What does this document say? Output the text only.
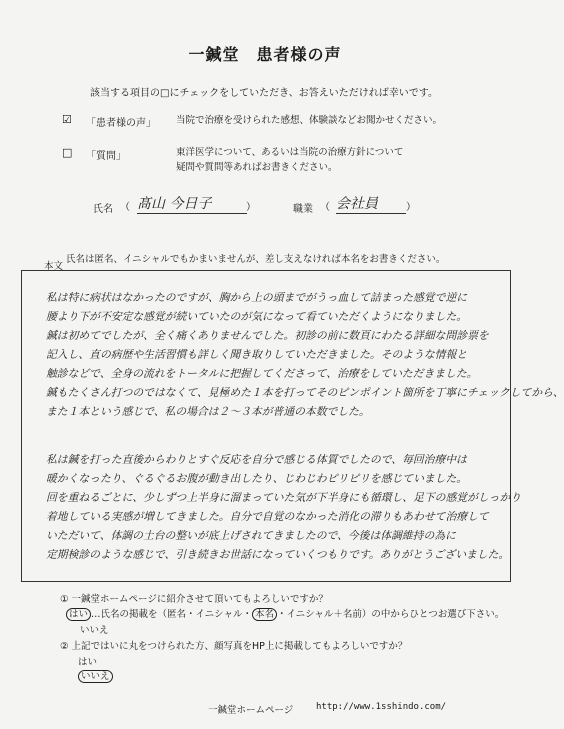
一鍼堂　患者様の声
該当する項目の□にチェックをしていただき、お答えいただければ幸いです。
☑ 「患者様の声」 当院で治療を受けられた感想、体験談などお聞かせください。
□ 「質問」	東洋医学について、あるいは当院の治療方針について
疑問や質問等あればお書きください。
氏名 （ 髙山 今日子	）	職業 （ 会社員	）
氏名は匿名、イニシャルでもかまいませんが、差し支えなければ本名をお書きください。
本文
私は特に病状はなかったのですが、胸から上の頭までがうっ血して詰まった感覚で逆に
腰より下が不安定な感覚が続いていたのが気になって看ていただくようになりました。
鍼は初めてでしたが、全く痛くありませんでした。初診の前に数頁にわたる詳細な問診票を
記入し、直の病歴や生活習慣も詳しく聞き取りしていただきました。そのような情報と
触診などで、全身の流れをトータルに把握してくださって、治療をしていただきました。
鍼もたくさん打つのではなくて、見極めた１本を打ってそのピンポイント箇所を丁寧にチェックしてから、
また１本という感じで、私の場合は２〜３本が普通の本数でした。
私は鍼を打った直後からわりとすぐ反応を自分で感じる体質でしたので、毎回治療中は
暖かくなったり、ぐるぐるお腹が動き出したり、じわじわピリピリを感じていました。
回を重ねるごとに、少しずつ上半身に溜まっていた気が下半身にも循環し、足下の感覚がしっかり
着地している実感が増してきました。自分で自覚のなかった消化の滞りもあわせて治療して
いただいて、体調の土台の整いが底上げされてきましたので、今後は体調維持の為に
定期検診のような感じで、引き続きお世話になっていくつもりです。ありがとうございました。
① 一鍼堂ホームページに紹介させて頂いてもよろしいですか？
はい …氏名の掲載を（匿名・イニシャル・ 本名 ・イニシャル＋名前）の中からひとつお選び下さい。
いいえ
② 上記ではいに丸をつけられた方、顔写真をHP上に掲載してもよろしいですか？
はい
いいえ
一鍼堂ホームページ	http://www.1sshindo.com/
